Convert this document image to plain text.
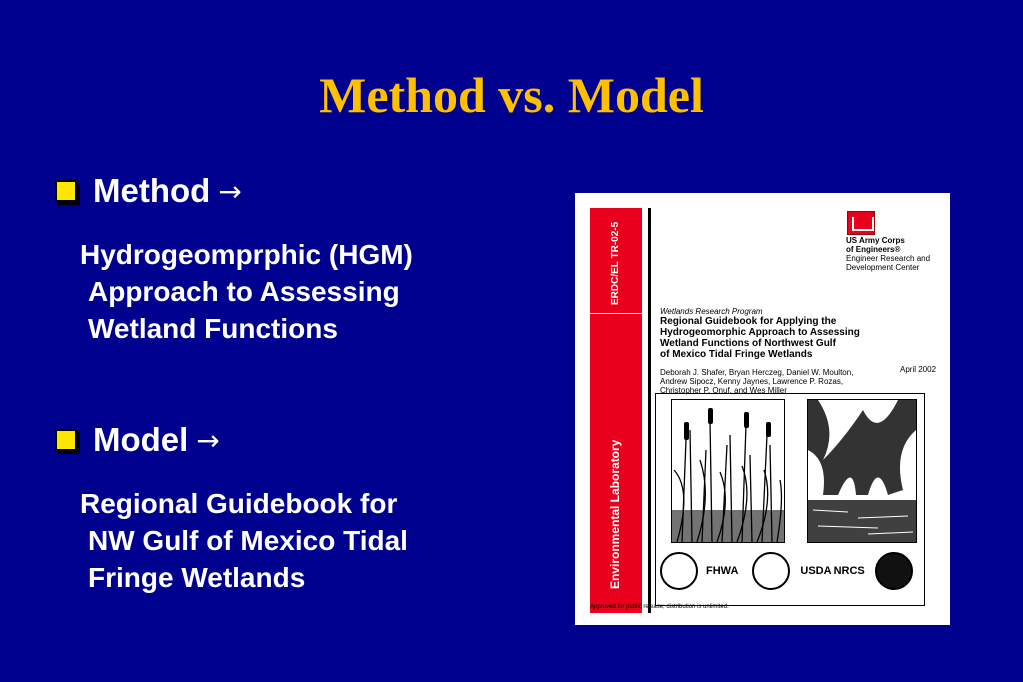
Method vs. Model
Method →
Hydrogeomprphic (HGM)
Approach to Assessing
Wetland Functions
Model →
Regional Guidebook for
NW Gulf of Mexico Tidal
Fringe Wetlands
ERDC/EL TR-02-5
Environmental Laboratory
US Army Corps
of Engineers®
Engineer Research and
Development Center
Wetlands Research Program
Regional Guidebook for Applying the
Hydrogeomorphic Approach to Assessing
Wetland Functions of Northwest Gulf
of Mexico Tidal Fringe Wetlands
Deborah J. Shafer, Bryan Herczeg, Daniel W. Moulton,
Andrew Sipocz, Kenny Jaynes, Lawrence P. Rozas,
Christopher P. Onuf, and Wes Miller
April 2002
FHWA	USDA NRCS
Approved for public release; distribution is unlimited.
